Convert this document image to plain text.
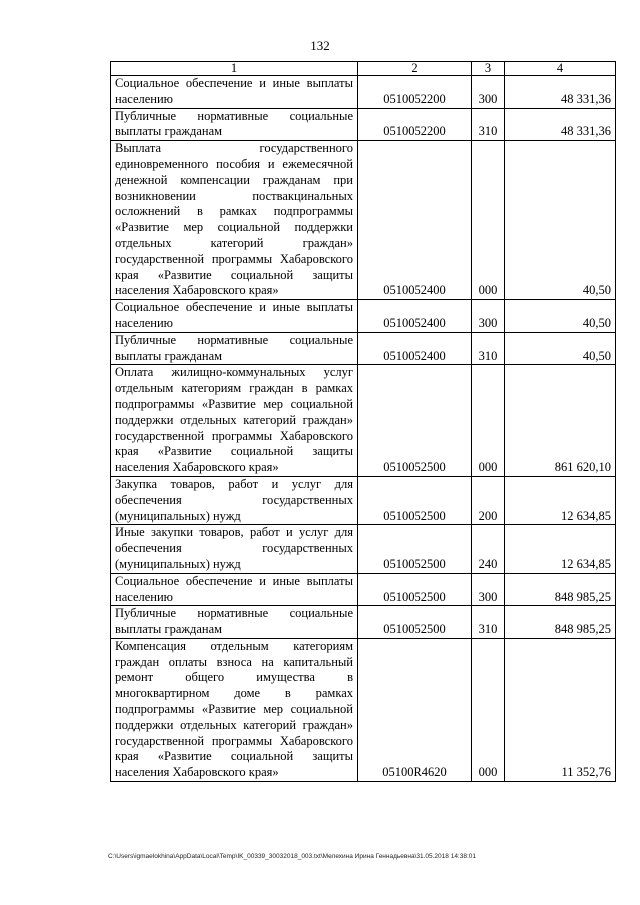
132
1	2	3	4
Социальное обеспечение и иные выплаты населению	0510052200	300	48 331,36
Публичные нормативные социальные выплаты гражданам	0510052200	310	48 331,36
Выплата государственного единовременного пособия и ежемесячной денежной компенсации гражданам при возникновении поствакцинальных осложнений в рамках подпрограммы «Развитие мер социальной поддержки отдельных категорий граждан» государственной программы Хабаровского края «Развитие социальной защиты населения Хабаровского края»	0510052400	000	40,50
Социальное обеспечение и иные выплаты населению	0510052400	300	40,50
Публичные нормативные социальные выплаты гражданам	0510052400	310	40,50
Оплата жилищно-коммунальных услуг отдельным категориям граждан в рамках подпрограммы «Развитие мер социальной поддержки отдельных категорий граждан» государственной программы Хабаровского края «Развитие социальной защиты населения Хабаровского края»	0510052500	000	861 620,10
Закупка товаров, работ и услуг для обеспечения государственных (муниципальных) нужд	0510052500	200	12 634,85
Иные закупки товаров, работ и услуг для обеспечения государственных (муниципальных) нужд	0510052500	240	12 634,85
Социальное обеспечение и иные выплаты населению	0510052500	300	848 985,25
Публичные нормативные социальные выплаты гражданам	0510052500	310	848 985,25
Компенсация отдельным категориям граждан оплаты взноса на капитальный ремонт общего имущества в многоквартирном доме в рамках подпрограммы «Развитие мер социальной поддержки отдельных категорий граждан» государственной программы Хабаровского края «Развитие социальной защиты населения Хабаровского края»	05100R4620	000	11 352,76
C:\Users\igmaelokhina\AppData\Local\Temp\IK_00339_30032018_003.txt\Мелехина Ирина Геннадьевна\31.05.2018 14:38:01
